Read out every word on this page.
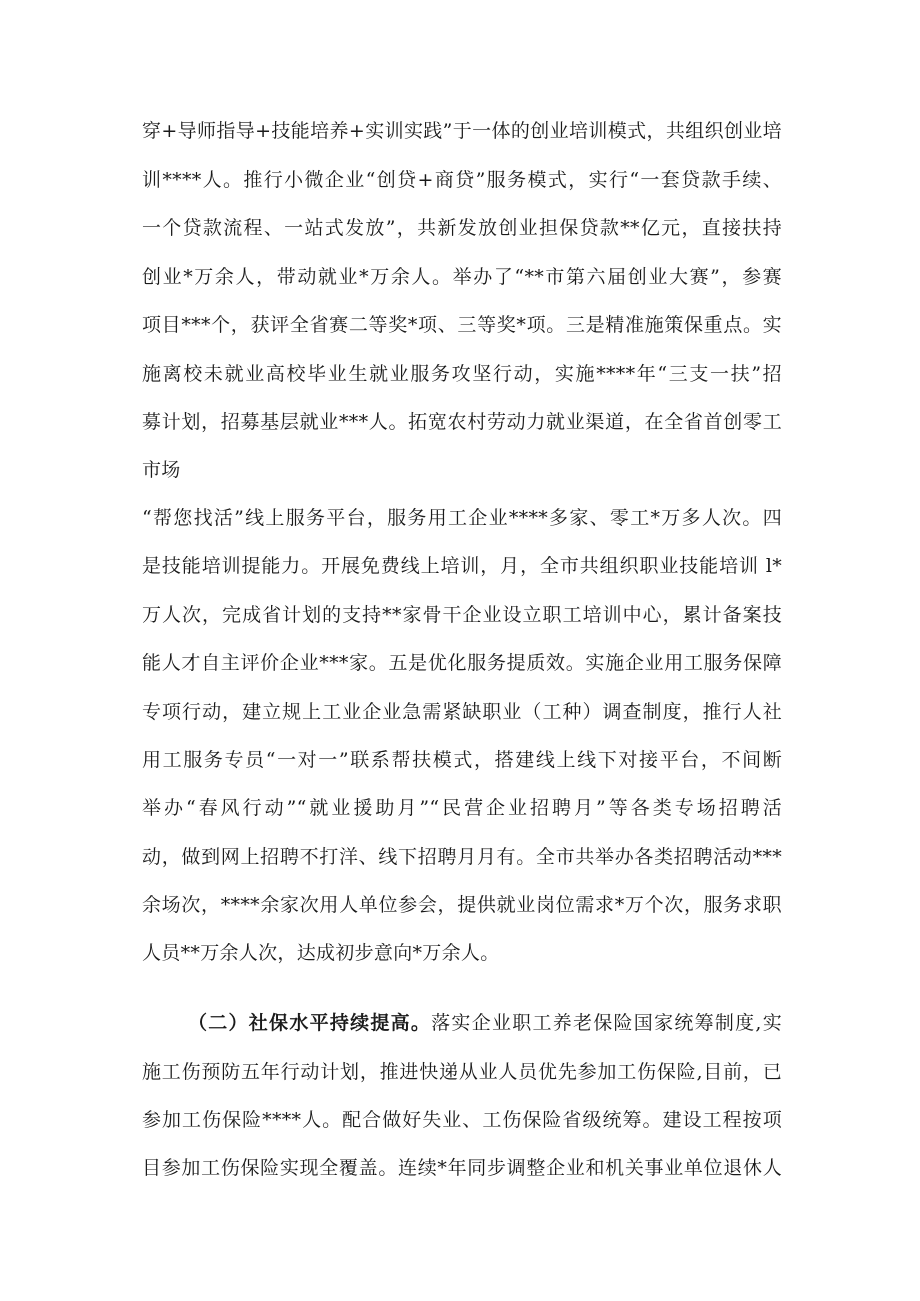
穿+导师指导+技能培养+实训实践”于一体的创业培训模式，共组织创业培
训****人。推行小微企业“创贷+商贷”服务模式，实行“一套贷款手续、
一个贷款流程、一站式发放”，共新发放创业担保贷款**亿元，直接扶持
创业*万余人，带动就业*万余人。举办了“**市第六届创业大赛”，参赛
项目***个，获评全省赛二等奖*项、三等奖*项。三是精准施策保重点。实
施离校未就业高校毕业生就业服务攻坚行动，实施****年“三支一扶”招
募计划，招募基层就业***人。拓宽农村劳动力就业渠道，在全省首创零工
市场
“帮您找活”线上服务平台，服务用工企业****多家、零工*万多人次。四
是技能培训提能力。开展免费线上培训，月，全市共组织职业技能培训 l*
万人次，完成省计划的支持**家骨干企业设立职工培训中心，累计备案技
能人才自主评价企业***家。五是优化服务提质效。实施企业用工服务保障
专项行动，建立规上工业企业急需紧缺职业（工种）调查制度，推行人社
用工服务专员“一对一”联系帮扶模式，搭建线上线下对接平台，不间断
举办“春风行动”“就业援助月”“民营企业招聘月”等各类专场招聘活
动，做到网上招聘不打洋、线下招聘月月有。全市共举办各类招聘活动***
余场次，****余家次用人单位参会，提供就业岗位需求*万个次，服务求职
人员**万余人次，达成初步意向*万余人。
（二）社保水平持续提高。落实企业职工养老保险国家统筹制度,实
施工伤预防五年行动计划，推进快递从业人员优先参加工伤保险,目前，已
参加工伤保险****人。配合做好失业、工伤保险省级统筹。建设工程按项
目参加工伤保险实现全覆盖。连续*年同步调整企业和机关事业单位退休人
